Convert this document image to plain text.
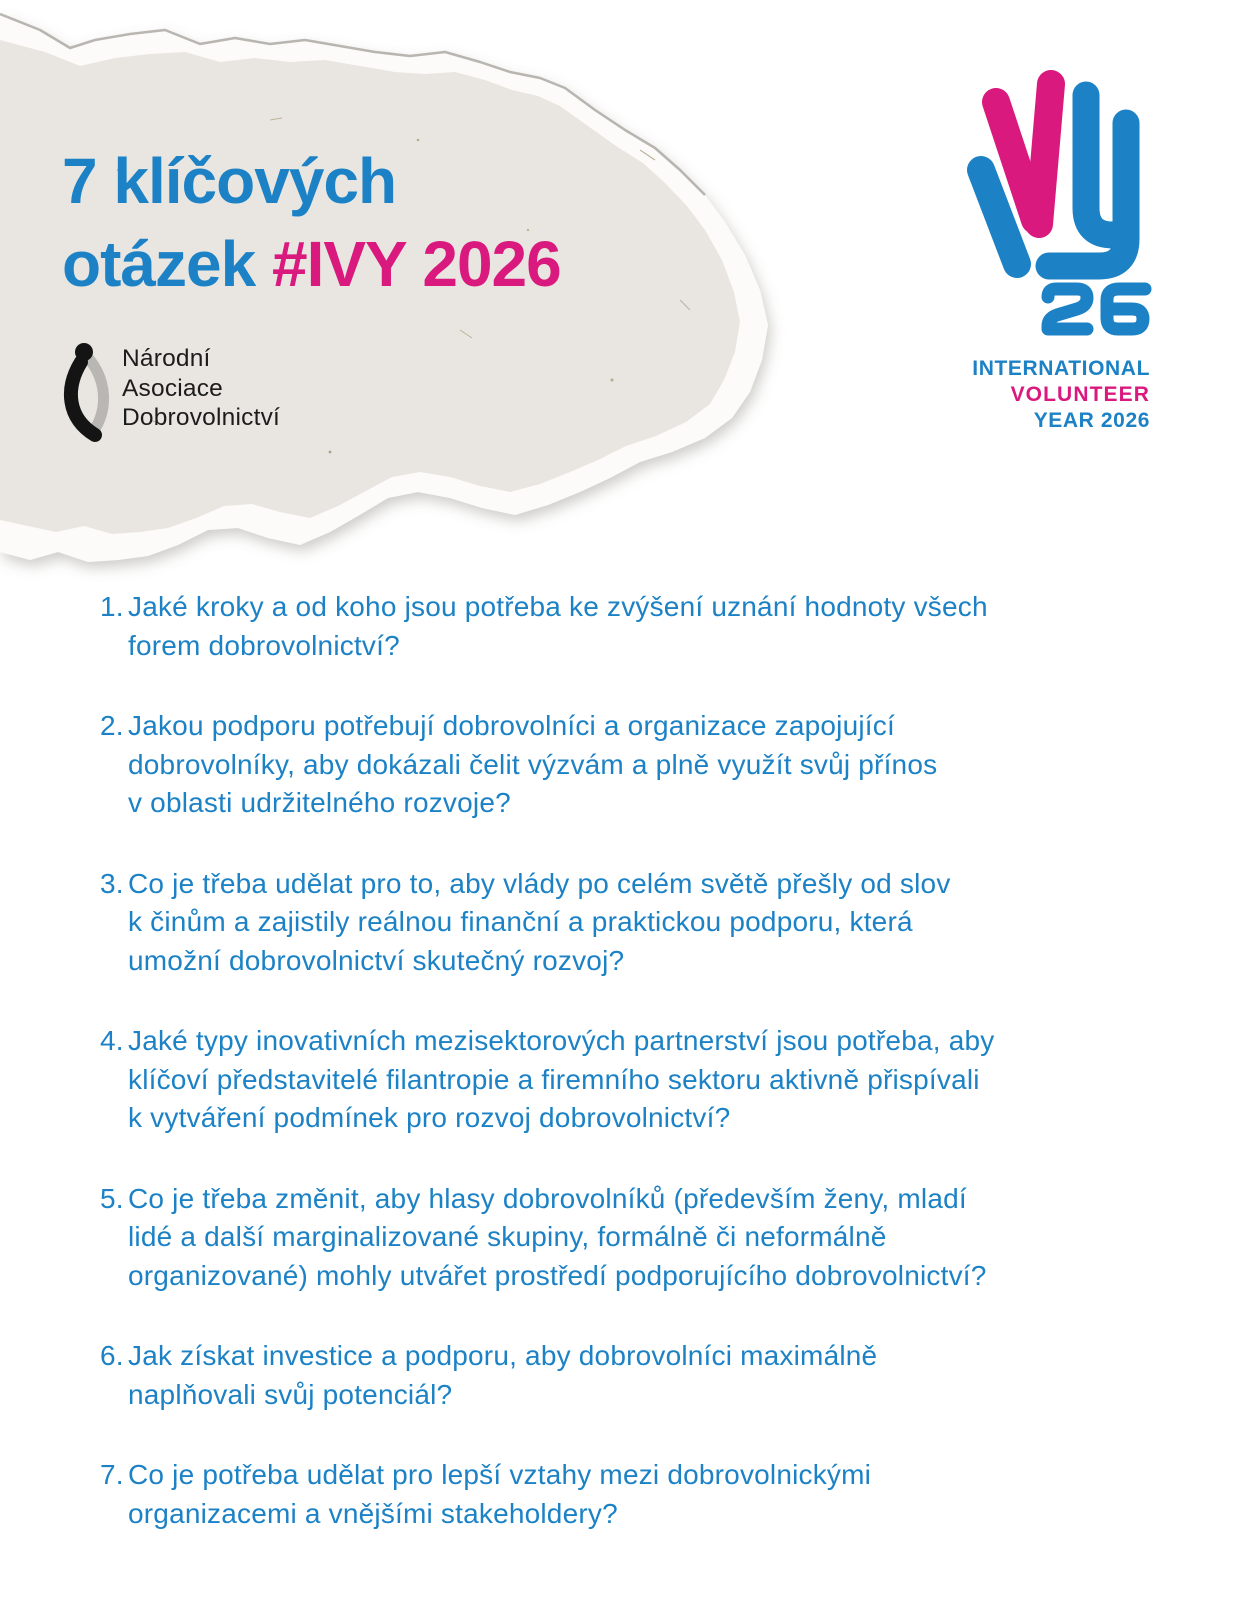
7 klíčových
otázek #IVY 2026
Národní
Asociace
Dobrovolnictví
INTERNATIONAL
VOLUNTEER
YEAR 2026
1. Jaké kroky a od koho jsou potřeba ke zvýšení uznání hodnoty všech
forem dobrovolnictví?
2. Jakou podporu potřebují dobrovolníci a organizace zapojující
dobrovolníky, aby dokázali čelit výzvám a plně využít svůj přínos
v oblasti udržitelného rozvoje?
3. Co je třeba udělat pro to, aby vlády po celém světě přešly od slov
k činům a zajistily reálnou finanční a praktickou podporu, která
umožní dobrovolnictví skutečný rozvoj?
4. Jaké typy inovativních mezisektorových partnerství jsou potřeba, aby
klíčoví představitelé filantropie a firemního sektoru aktivně přispívali
k vytváření podmínek pro rozvoj dobrovolnictví?
5. Co je třeba změnit, aby hlasy dobrovolníků (především ženy, mladí
lidé a další marginalizované skupiny, formálně či neformálně
organizované) mohly utvářet prostředí podporujícího dobrovolnictví?
6. Jak získat investice a podporu, aby dobrovolníci maximálně
naplňovali svůj potenciál?
7. Co je potřeba udělat pro lepší vztahy mezi dobrovolnickými
organizacemi a vnějšími stakeholdery?
